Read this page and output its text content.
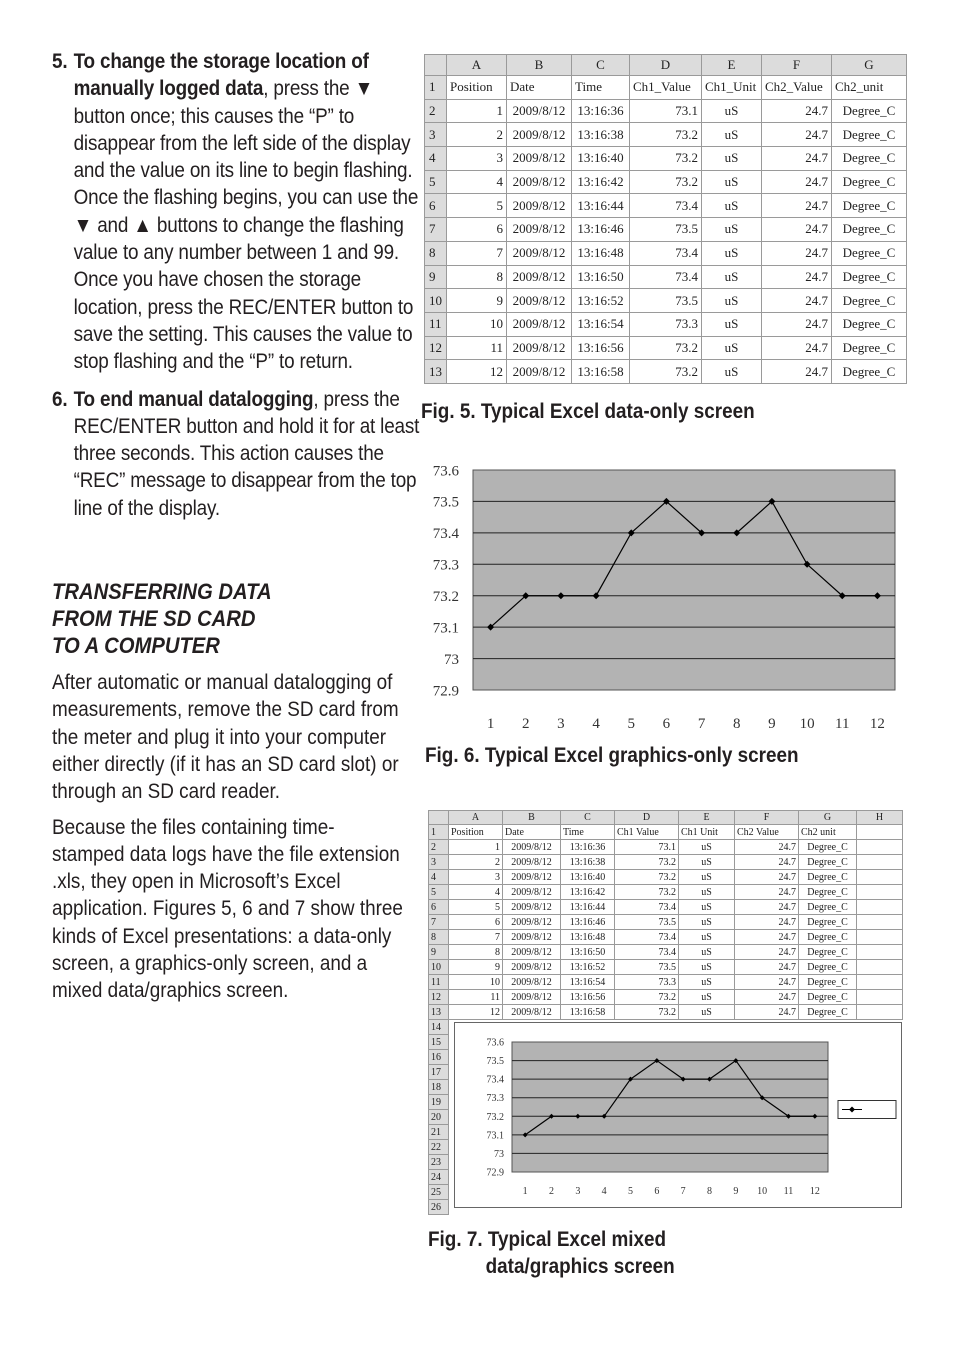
5. To change the storage location of manually logged data, press the ▼ button once; this causes the “P” to disappear from the left side of the display and the value on its line to begin flashing. Once the flashing begins, you can use the ▼ and ▲ buttons to change the flashing value to any number between 1 and 99. Once you have chosen the storage location, press the REC/ENTER button to save the setting. This causes the value to stop flashing and the “P” to return.
6. To end manual datalogging, press the REC/ENTER button and hold it for at least three seconds. This action causes the “REC” message to disappear from the top line of the display.
TRANSFERRING DATA
FROM THE SD CARD
TO A COMPUTER
After automatic or manual datalogging of measurements, remove the SD card from the meter and plug it into your computer either directly (if it has an SD card slot) or through an SD card reader.
Because the files containing time-stamped data logs have the file extension .xls, they open in Microsoft’s Excel application. Figures 5, 6 and 7 show three kinds of Excel presentations: a data-only screen, a graphics-only screen, and a mixed data/graphics screen.
	A	B	C	D	E	F	G
1	Position	Date	Time	Ch1_Value	Ch1_Unit	Ch2_Value	Ch2_unit
2	1	2009/8/12	13:16:36	73.1	uS	24.7	Degree_C
3	2	2009/8/12	13:16:38	73.2	uS	24.7	Degree_C
4	3	2009/8/12	13:16:40	73.2	uS	24.7	Degree_C
5	4	2009/8/12	13:16:42	73.2	uS	24.7	Degree_C
6	5	2009/8/12	13:16:44	73.4	uS	24.7	Degree_C
7	6	2009/8/12	13:16:46	73.5	uS	24.7	Degree_C
8	7	2009/8/12	13:16:48	73.4	uS	24.7	Degree_C
9	8	2009/8/12	13:16:50	73.4	uS	24.7	Degree_C
10	9	2009/8/12	13:16:52	73.5	uS	24.7	Degree_C
11	10	2009/8/12	13:16:54	73.3	uS	24.7	Degree_C
12	11	2009/8/12	13:16:56	73.2	uS	24.7	Degree_C
13	12	2009/8/12	13:16:58	73.2	uS	24.7	Degree_C
Fig. 5. Typical Excel data-only screen
73.6
73.5
73.4
73.3
73.2
73.1
73
72.9
1 2 3 4 5 6 7 8 9 10 11 12
Fig. 6. Typical Excel graphics-only screen
	A	B	C	D	E	F	G	H
1	Position	Date	Time	Ch1 Value	Ch1 Unit	Ch2 Value	Ch2 unit	
2	1	2009/8/12	13:16:36	73.1	uS	24.7	Degree_C	
3	2	2009/8/12	13:16:38	73.2	uS	24.7	Degree_C	
4	3	2009/8/12	13:16:40	73.2	uS	24.7	Degree_C	
5	4	2009/8/12	13:16:42	73.2	uS	24.7	Degree_C	
6	5	2009/8/12	13:16:44	73.4	uS	24.7	Degree_C	
7	6	2009/8/12	13:16:46	73.5	uS	24.7	Degree_C	
8	7	2009/8/12	13:16:48	73.4	uS	24.7	Degree_C	
9	8	2009/8/12	13:16:50	73.4	uS	24.7	Degree_C	
10	9	2009/8/12	13:16:52	73.5	uS	24.7	Degree_C	
11	10	2009/8/12	13:16:54	73.3	uS	24.7	Degree_C	
12	11	2009/8/12	13:16:56	73.2	uS	24.7	Degree_C	
13	12	2009/8/12	13:16:58	73.2	uS	24.7	Degree_C	
14								
15								
16								
17								
18								
19								
20								
21								
22								
23								
24								
25								
26								
73.6
73.5
73.4
73.3
73.2
73.1
73
72.9
1 2 3 4 5 6 7 8 9 10 11 12
Fig. 7. Typical Excel mixed
data/graphics screen
